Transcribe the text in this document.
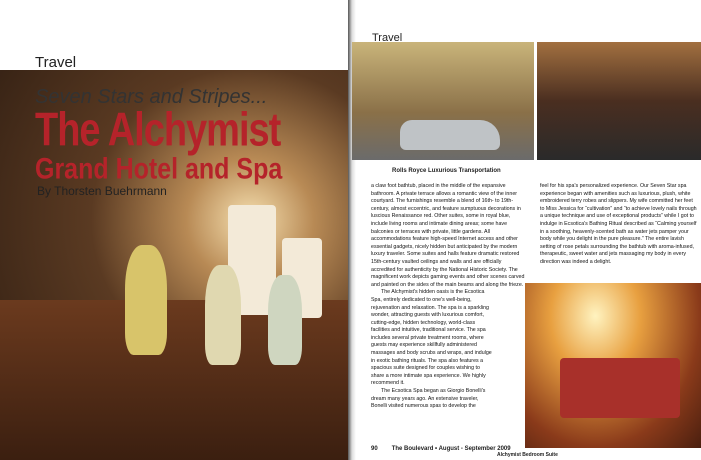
Travel
Seven Stars and Stripes...
The Alchymist
Grand Hotel and Spa
By Thorsten Buehrmann
Travel
Rolls Royce Luxurious Transportation

a claw foot bathtub, placed in the middle of the expansive bathroom. A private terrace allows a romantic view of the inner courtyard. The furnishings resemble a blend of 16th- to 19th-century, almost eccentric, and feature sumptuous decorations in luscious Renaissance red. Other suites, some in royal blue, include living rooms and intimate dining areas; some have balconies or terraces with private, little gardens. All accommodations feature high-speed Internet access and other essential gadgets, nicely hidden but anticipated by the modern luxury traveler. Some suites and halls feature dramatic restored 15th-century vaulted ceilings and walls and are officially accredited for authenticity by the National Historic Society. The magnificent work depicts gaming events and other scenes carved and painted on the sides of the main beams and along the frieze.

The Alchymist's hidden oasis is the Ecsotica Spa, entirely dedicated to one's well-being, rejuvenation and relaxation. The spa is a sparkling wonder, attracting guests with luxurious comfort, cutting-edge, hidden technology, world-class facilities and intuitive, traditional service. The spa includes several private treatment rooms, where guests may experience skillfully administered massages and body scrubs and wraps, and indulge in exotic bathing rituals. The spa also features a spacious suite designed for couples wishing to share a more intimate spa experience. We highly recommend it.

The Ecsotica Spa began as Giorgio Bonelli's dream many years ago. An extensive traveler, Bonelli visited numerous spas to develop the

feel for his spa's personalized experience. Our Seven Star spa experience began with amenities such as luxurious, plush, white embroidered terry robes and slippers. My wife committed her feet to Miss Jessica for “cultivation” and “to achieve lovely nails through a unique technique and use of exceptional products” while I got to indulge in Ecsotica's Bathing Ritual described as “Calming yourself in a soothing, heavenly-scented bath as water jets pamper your body while you delight in the pure pleasure.” The entire lavish setting of rose petals surrounding the bathtub with aroma-infused, therapeutic, sweet water and jets massaging my body in every direction was indeed a delight.

Alchymist Bedroom Suite
90 The Boulevard • August - September 2009
